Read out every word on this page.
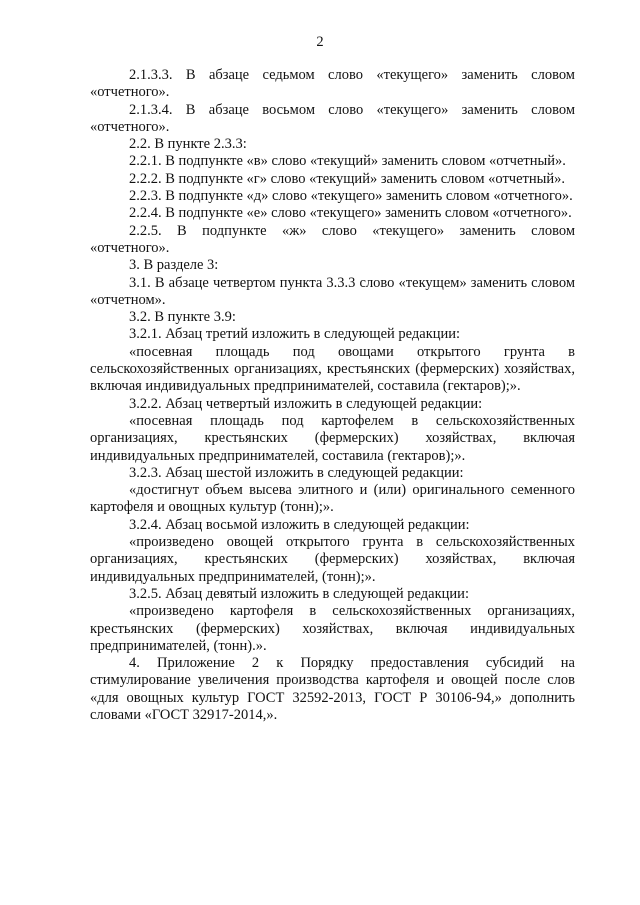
2

2.1.3.3. В абзаце седьмом слово «текущего» заменить словом «отчетного».

2.1.3.4. В абзаце восьмом слово «текущего» заменить словом «отчетного».

2.2. В пункте 2.3.3:

2.2.1. В подпункте «в» слово «текущий» заменить словом «отчетный».

2.2.2. В подпункте «г» слово «текущий» заменить словом «отчетный».

2.2.3. В подпункте «д» слово «текущего» заменить словом «отчетного».

2.2.4. В подпункте «е» слово «текущего» заменить словом «отчетного».

2.2.5. В подпункте «ж» слово «текущего» заменить словом «отчетного».

3. В разделе 3:

3.1. В абзаце четвертом пункта 3.3.3 слово «текущем» заменить словом «отчетном».

3.2. В пункте 3.9:

3.2.1. Абзац третий изложить в следующей редакции:

«посевная площадь под овощами открытого грунта в сельскохозяйственных организациях, крестьянских (фермерских) хозяйствах, включая индивидуальных предпринимателей, составила (гектаров);».

3.2.2. Абзац четвертый изложить в следующей редакции:

«посевная площадь под картофелем в сельскохозяйственных организациях, крестьянских (фермерских) хозяйствах, включая индивидуальных предпринимателей, составила (гектаров);».

3.2.3. Абзац шестой изложить в следующей редакции:

«достигнут объем высева элитного и (или) оригинального семенного картофеля и овощных культур (тонн);».

3.2.4. Абзац восьмой изложить в следующей редакции:

«произведено овощей открытого грунта в сельскохозяйственных организациях, крестьянских (фермерских) хозяйствах, включая индивидуальных предпринимателей, (тонн);».

3.2.5. Абзац девятый изложить в следующей редакции:

«произведено картофеля в сельскохозяйственных организациях, крестьянских (фермерских) хозяйствах, включая индивидуальных предпринимателей, (тонн).».

4. Приложение 2 к Порядку предоставления субсидий на стимулирование увеличения производства картофеля и овощей после слов «для овощных культур ГОСТ 32592-2013, ГОСТ Р 30106-94,» дополнить словами «ГОСТ 32917-2014,».
